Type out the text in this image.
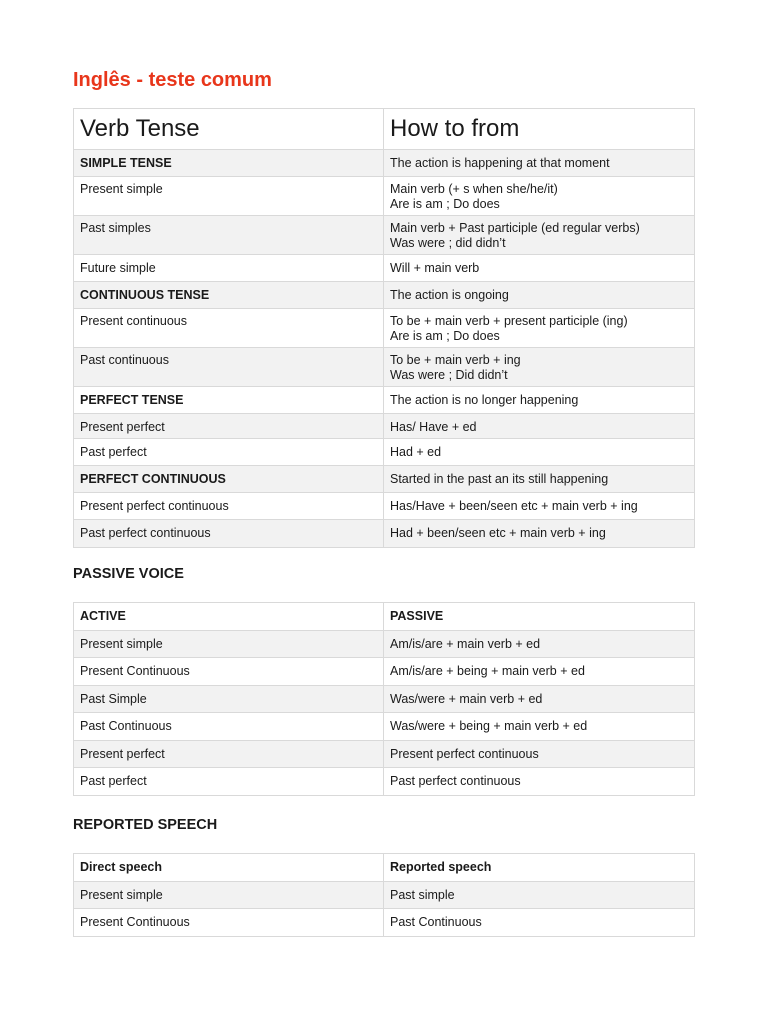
Inglês - teste comum
Verb Tense	How to from
SIMPLE TENSE	The action is happening at that moment
Present simple	Main verb (+ s when she/he/it)
Are is am ; Do does

Past simples	Main verb + Past participle (ed regular verbs)
Was were ; did didn’t

Future simple	Will + main verb
CONTINUOUS TENSE	The action is ongoing
Present continuous	To be + main verb + present participle (ing)
Are is am ; Do does

Past continuous	To be + main verb + ing
Was were ; Did didn’t

PERFECT TENSE	The action is no longer happening
Present perfect	Has/ Have + ed
Past perfect	Had + ed
PERFECT CONTINUOUS	Started in the past an its still happening
Present perfect continuous	Has/Have + been/seen etc + main verb + ing
Past perfect continuous	Had + been/seen etc + main verb + ing
PASSIVE VOICE
ACTIVE	PASSIVE
Present simple	Am/is/are + main verb + ed
Present Continuous	Am/is/are + being + main verb + ed
Past Simple	Was/were + main verb + ed
Past Continuous	Was/were + being + main verb + ed
Present perfect	Present perfect continuous
Past perfect	Past perfect continuous
REPORTED SPEECH
Direct speech	Reported speech
Present simple	Past simple
Present Continuous	Past Continuous
